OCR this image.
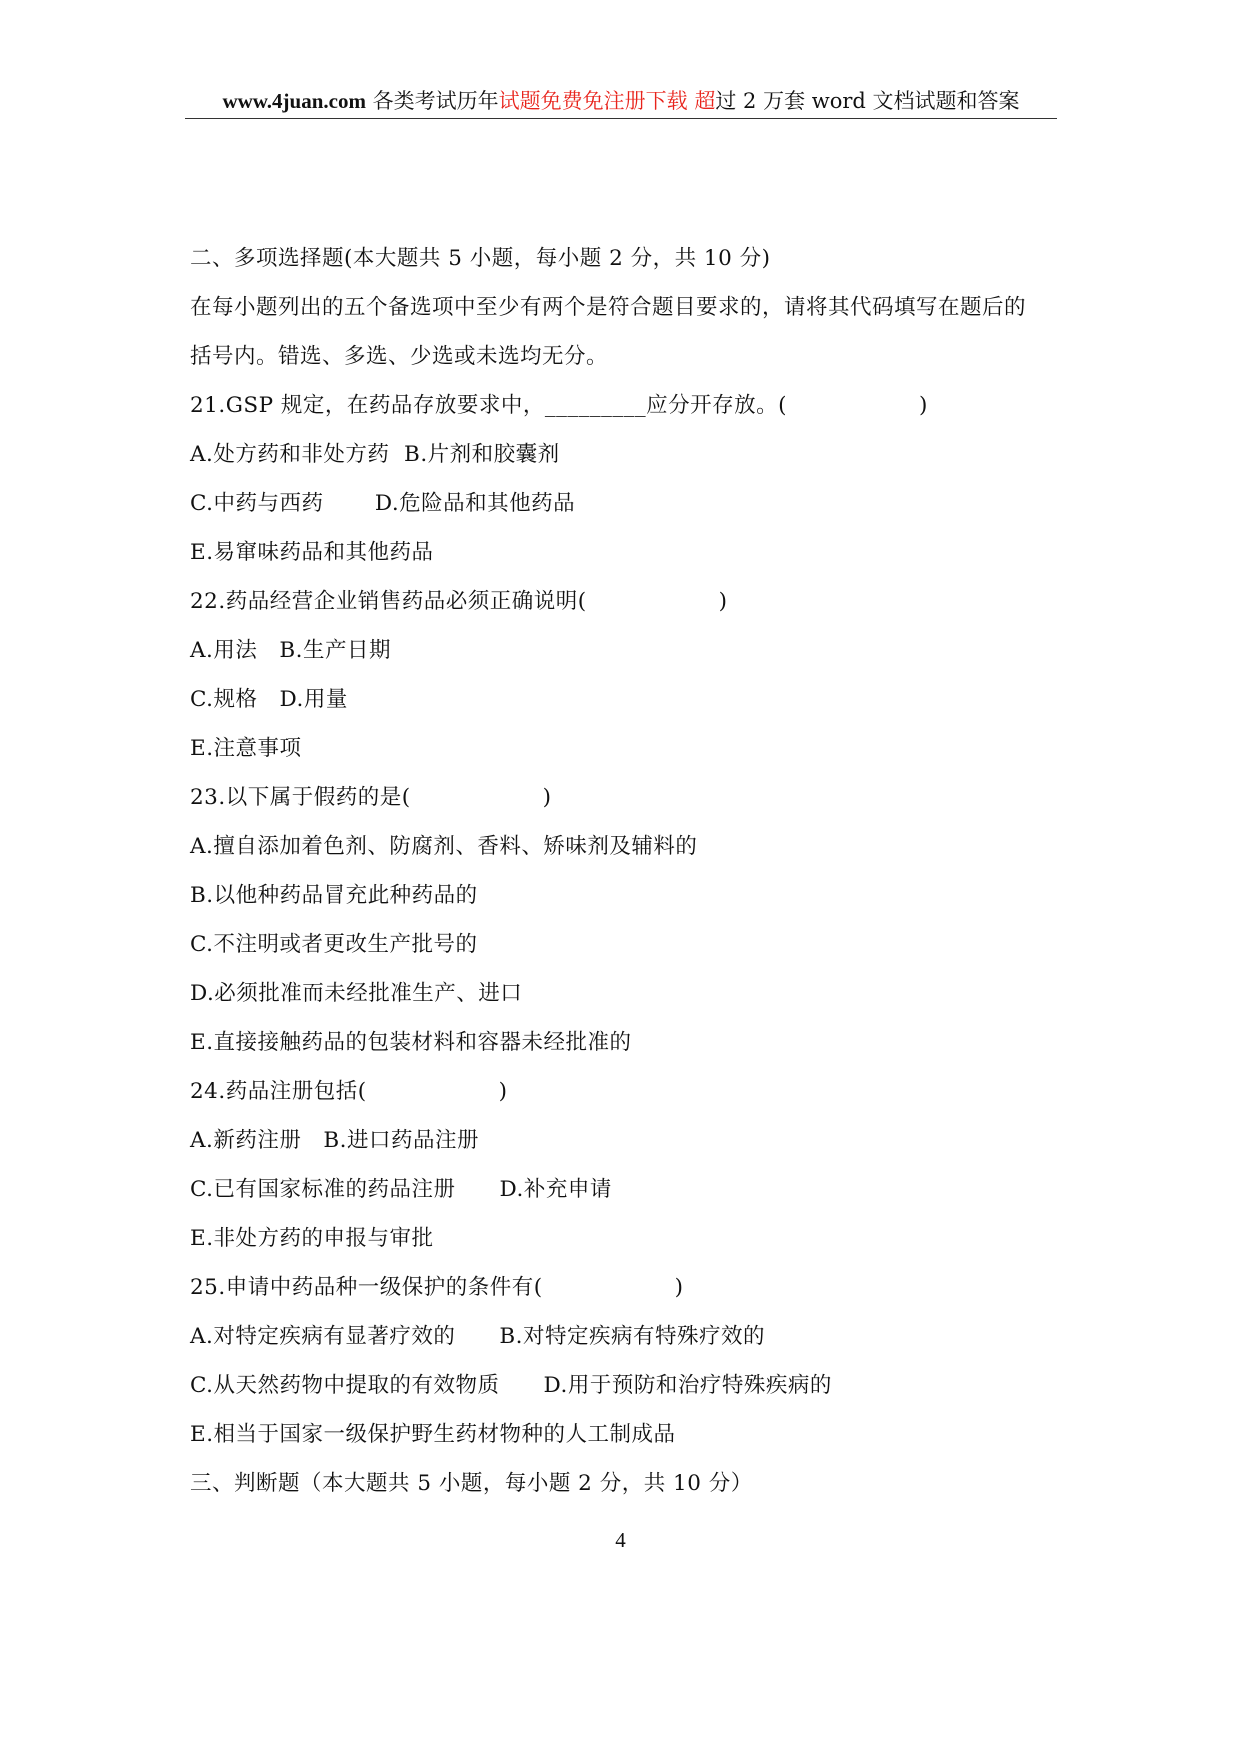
www.4juan.com 各类考试历年试题免费免注册下载 超过 2 万套 word 文档试题和答案
二、多项选择题(本大题共 5 小题，每小题 2 分，共 10 分)
在每小题列出的五个备选项中至少有两个是符合题目要求的，请将其代码填写在题后的
括号内。错选、多选、少选或未选均无分。
21.GSP 规定，在药品存放要求中，_________应分开存放。(                  )
A.处方药和非处方药  B.片剂和胶囊剂
C.中药与西药       D.危险品和其他药品
E.易窜味药品和其他药品
22.药品经营企业销售药品必须正确说明(                  )
A.用法   B.生产日期
C.规格   D.用量
E.注意事项
23.以下属于假药的是(                  )
A.擅自添加着色剂、防腐剂、香料、矫味剂及辅料的
B.以他种药品冒充此种药品的
C.不注明或者更改生产批号的
D.必须批准而未经批准生产、进口
E.直接接触药品的包装材料和容器未经批准的
24.药品注册包括(                  )
A.新药注册   B.进口药品注册
C.已有国家标准的药品注册      D.补充申请
E.非处方药的申报与审批
25.申请中药品种一级保护的条件有(                  )
A.对特定疾病有显著疗效的      B.对特定疾病有特殊疗效的
C.从天然药物中提取的有效物质      D.用于预防和治疗特殊疾病的
E.相当于国家一级保护野生药材物种的人工制成品
三、判断题（本大题共 5 小题，每小题 2 分，共 10 分）
4
